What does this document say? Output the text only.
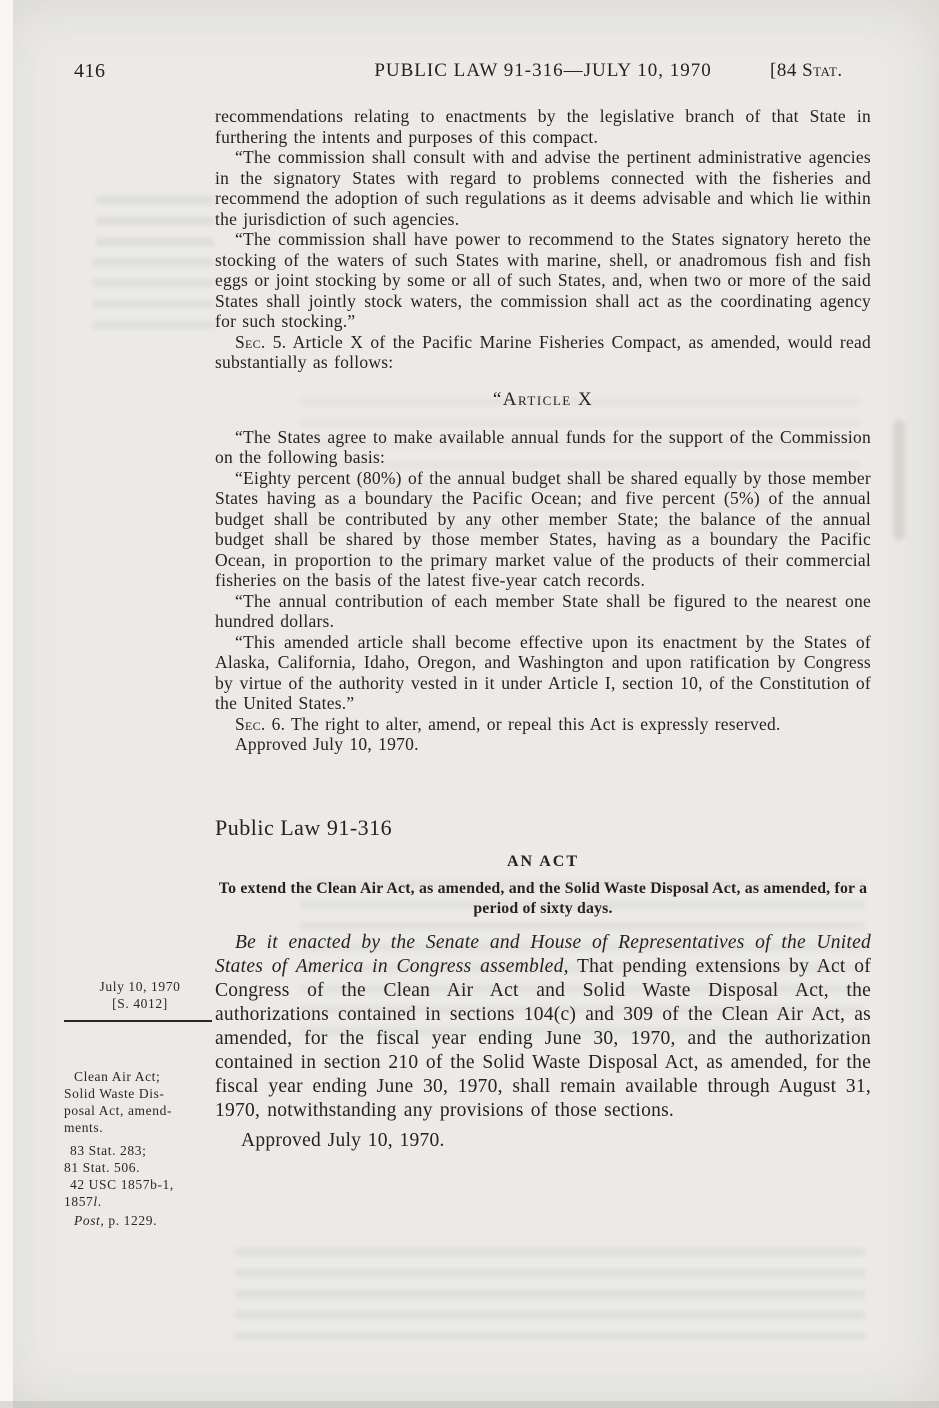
416	PUBLIC LAW 91-316—JULY 10, 1970	[84 Stat.
July 10, 1970
[S. 4012]
Clean Air Act;
Solid Waste Dis-
posal Act, amend-
ments.
83 Stat. 283;
81 Stat. 506.
42 USC 1857b-1,
1857l.
Post, p. 1229.

recommendations relating to enactments by the legislative branch of that State in furthering the intents and purposes of this compact.

“The commission shall consult with and advise the pertinent administrative agencies in the signatory States with regard to problems connected with the fisheries and recommend the adoption of such regulations as it deems advisable and which lie within the jurisdiction of such agencies.

“The commission shall have power to recommend to the States signatory hereto the stocking of the waters of such States with marine, shell, or anadromous fish and fish eggs or joint stocking by some or all of such States, and, when two or more of the said States shall jointly stock waters, the commission shall act as the coordinating agency for such stocking.”

Sec. 5. Article X of the Pacific Marine Fisheries Compact, as amended, would read substantially as follows:

“Article X

“The States agree to make available annual funds for the support of the Commission on the following basis:

“Eighty percent (80%) of the annual budget shall be shared equally by those member States having as a boundary the Pacific Ocean; and five percent (5%) of the annual budget shall be contributed by any other member State; the balance of the annual budget shall be shared by those member States, having as a boundary the Pacific Ocean, in proportion to the primary market value of the products of their commercial fisheries on the basis of the latest five-year catch records.

“The annual contribution of each member State shall be figured to the nearest one hundred dollars.

“This amended article shall become effective upon its enactment by the States of Alaska, California, Idaho, Oregon, and Washington and upon ratification by Congress by virtue of the authority vested in it under Article I, section 10, of the Constitution of the United States.”

Sec. 6. The right to alter, amend, or repeal this Act is expressly reserved.

Approved July 10, 1970.

Public Law 91-316
AN ACT
To extend the Clean Air Act, as amended, and the Solid Waste Disposal Act, as amended, for a period of sixty days.

Be it enacted by the Senate and House of Representatives of the United States of America in Congress assembled, That pending extensions by Act of Congress of the Clean Air Act and Solid Waste Disposal Act, the authorizations contained in sections 104(c) and 309 of the Clean Air Act, as amended, for the fiscal year ending June 30, 1970, and the authorization contained in section 210 of the Solid Waste Disposal Act, as amended, for the fiscal year ending June 30, 1970, shall remain available through August 31, 1970, notwithstanding any provisions of those sections.

Approved July 10, 1970.
